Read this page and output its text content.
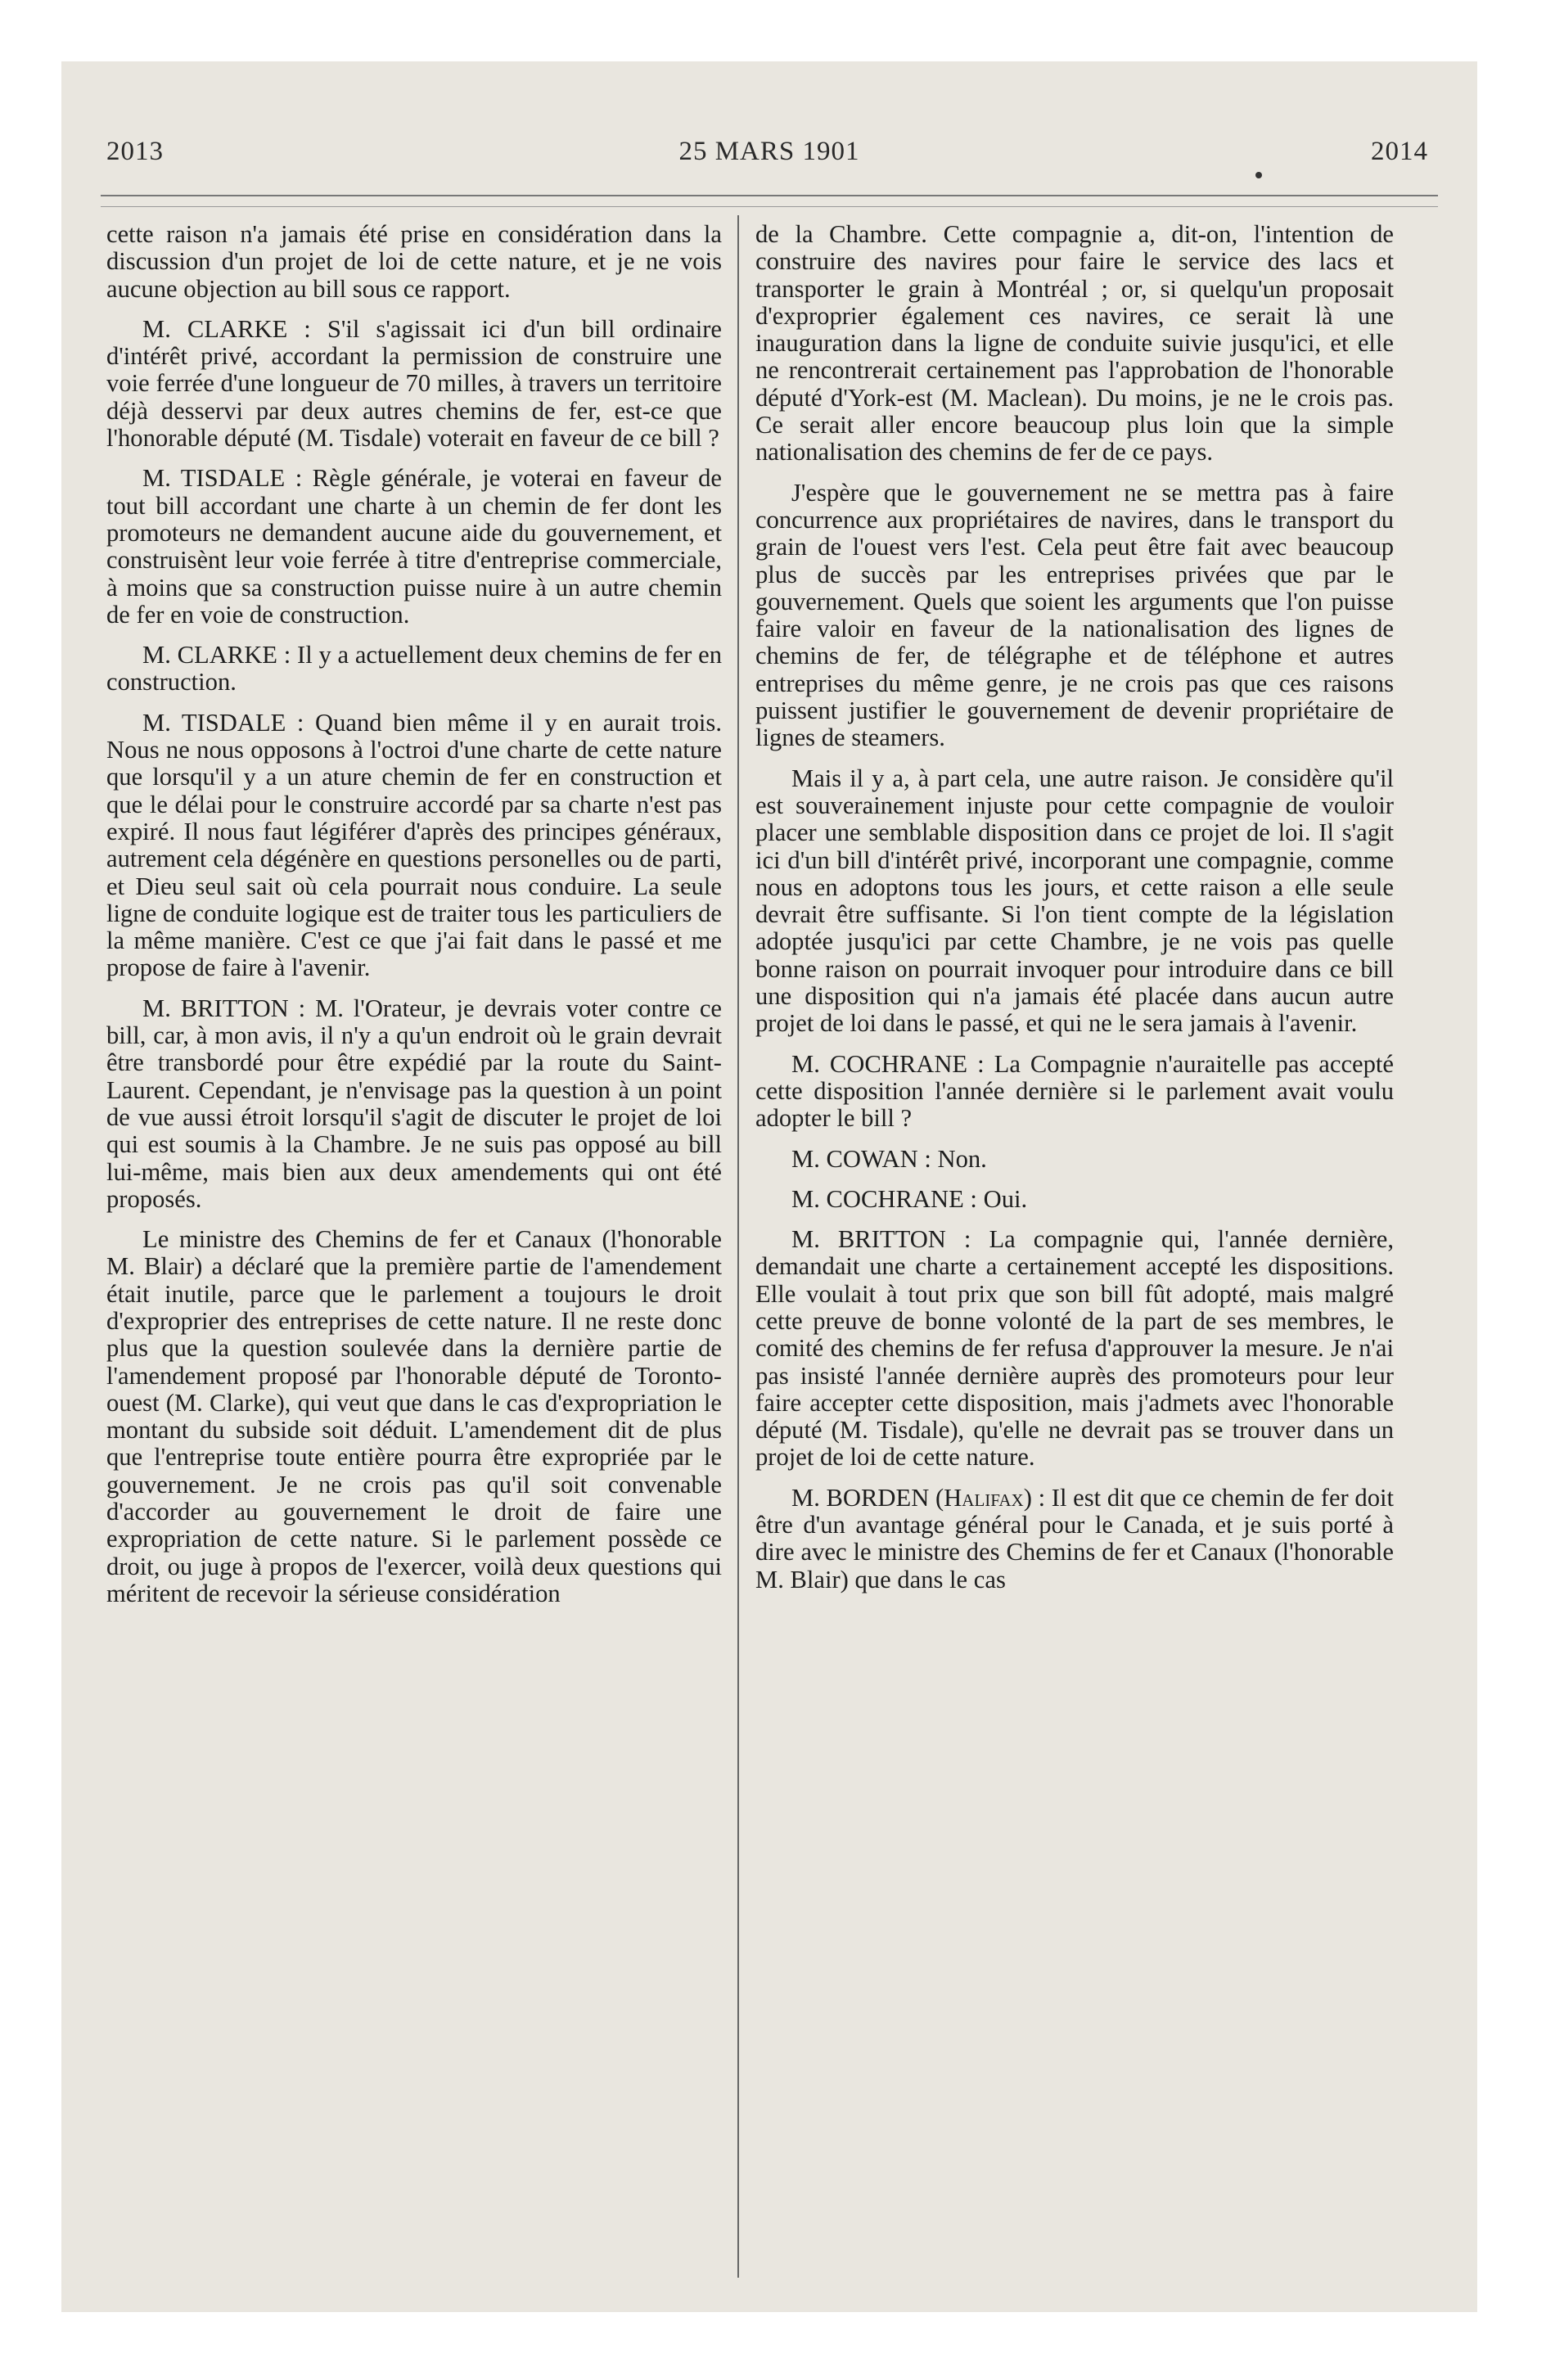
2013	25 MARS 1901	2014

cette raison n'a jamais été prise en considération dans la discussion d'un projet de loi de cette nature, et je ne vois aucune objection au bill sous ce rapport.

M. CLARKE : S'il s'agissait ici d'un bill ordinaire d'intérêt privé, accordant la permission de construire une voie ferrée d'une longueur de 70 milles, à travers un territoire déjà desservi par deux autres chemins de fer, est-ce que l'honorable député (M. Tisdale) voterait en faveur de ce bill ?

M. TISDALE : Règle générale, je voterai en faveur de tout bill accordant une charte à un chemin de fer dont les promoteurs ne demandent aucune aide du gouvernement, et construisènt leur voie ferrée à titre d'entreprise commerciale, à moins que sa construction puisse nuire à un autre chemin de fer en voie de construction.

M. CLARKE : Il y a actuellement deux chemins de fer en construction.

M. TISDALE : Quand bien même il y en aurait trois. Nous ne nous opposons à l'octroi d'une charte de cette nature que lorsqu'il y a un ature chemin de fer en construction et que le délai pour le construire accordé par sa charte n'est pas expiré. Il nous faut légiférer d'après des principes généraux, autrement cela dégénère en questions personelles ou de parti, et Dieu seul sait où cela pourrait nous conduire. La seule ligne de conduite logique est de traiter tous les particuliers de la même manière. C'est ce que j'ai fait dans le passé et me propose de faire à l'avenir.

M. BRITTON : M. l'Orateur, je devrais voter contre ce bill, car, à mon avis, il n'y a qu'un endroit où le grain devrait être transbordé pour être expédié par la route du Saint-Laurent. Cependant, je n'envisage pas la question à un point de vue aussi étroit lorsqu'il s'agit de discuter le projet de loi qui est soumis à la Chambre. Je ne suis pas opposé au bill lui-même, mais bien aux deux amendements qui ont été proposés.

Le ministre des Chemins de fer et Canaux (l'honorable M. Blair) a déclaré que la première partie de l'amendement était inutile, parce que le parlement a toujours le droit d'exproprier des entreprises de cette nature. Il ne reste donc plus que la question soulevée dans la dernière partie de l'amendement proposé par l'honorable député de Toronto-ouest (M. Clarke), qui veut que dans le cas d'expropriation le montant du subside soit déduit. L'amendement dit de plus que l'entreprise toute entière pourra être expropriée par le gouvernement. Je ne crois pas qu'il soit convenable d'accorder au gouvernement le droit de faire une expropriation de cette nature. Si le parlement possède ce droit, ou juge à propos de l'exercer, voilà deux questions qui méritent de recevoir la sérieuse considération

de la Chambre. Cette compagnie a, dit-on, l'intention de construire des navires pour faire le service des lacs et transporter le grain à Montréal ; or, si quelqu'un proposait d'exproprier également ces navires, ce serait là une inauguration dans la ligne de conduite suivie jusqu'ici, et elle ne rencontrerait certainement pas l'approbation de l'honorable député d'York-est (M. Maclean). Du moins, je ne le crois pas. Ce serait aller encore beaucoup plus loin que la simple nationalisation des chemins de fer de ce pays.

J'espère que le gouvernement ne se mettra pas à faire concurrence aux propriétaires de navires, dans le transport du grain de l'ouest vers l'est. Cela peut être fait avec beaucoup plus de succès par les entreprises privées que par le gouvernement. Quels que soient les arguments que l'on puisse faire valoir en faveur de la nationalisation des lignes de chemins de fer, de télégraphe et de téléphone et autres entreprises du même genre, je ne crois pas que ces raisons puissent justifier le gouvernement de devenir propriétaire de lignes de steamers.

Mais il y a, à part cela, une autre raison. Je considère qu'il est souverainement injuste pour cette compagnie de vouloir placer une semblable disposition dans ce projet de loi. Il s'agit ici d'un bill d'intérêt privé, incorporant une compagnie, comme nous en adoptons tous les jours, et cette raison a elle seule devrait être suffisante. Si l'on tient compte de la législation adoptée jusqu'ici par cette Chambre, je ne vois pas quelle bonne raison on pourrait invoquer pour introduire dans ce bill une disposition qui n'a jamais été placée dans aucun autre projet de loi dans le passé, et qui ne le sera jamais à l'avenir.

M. COCHRANE : La Compagnie n'auraitelle pas accepté cette disposition l'année dernière si le parlement avait voulu adopter le bill ?

M. COWAN : Non.

M. COCHRANE : Oui.

M. BRITTON : La compagnie qui, l'année dernière, demandait une charte a certainement accepté les dispositions. Elle voulait à tout prix que son bill fût adopté, mais malgré cette preuve de bonne volonté de la part de ses membres, le comité des chemins de fer refusa d'approuver la mesure. Je n'ai pas insisté l'année dernière auprès des promoteurs pour leur faire accepter cette disposition, mais j'admets avec l'honorable député (M. Tisdale), qu'elle ne devrait pas se trouver dans un projet de loi de cette nature.

M. BORDEN (Halifax) : Il est dit que ce chemin de fer doit être d'un avantage général pour le Canada, et je suis porté à dire avec le ministre des Chemins de fer et Canaux (l'honorable M. Blair) que dans le cas
